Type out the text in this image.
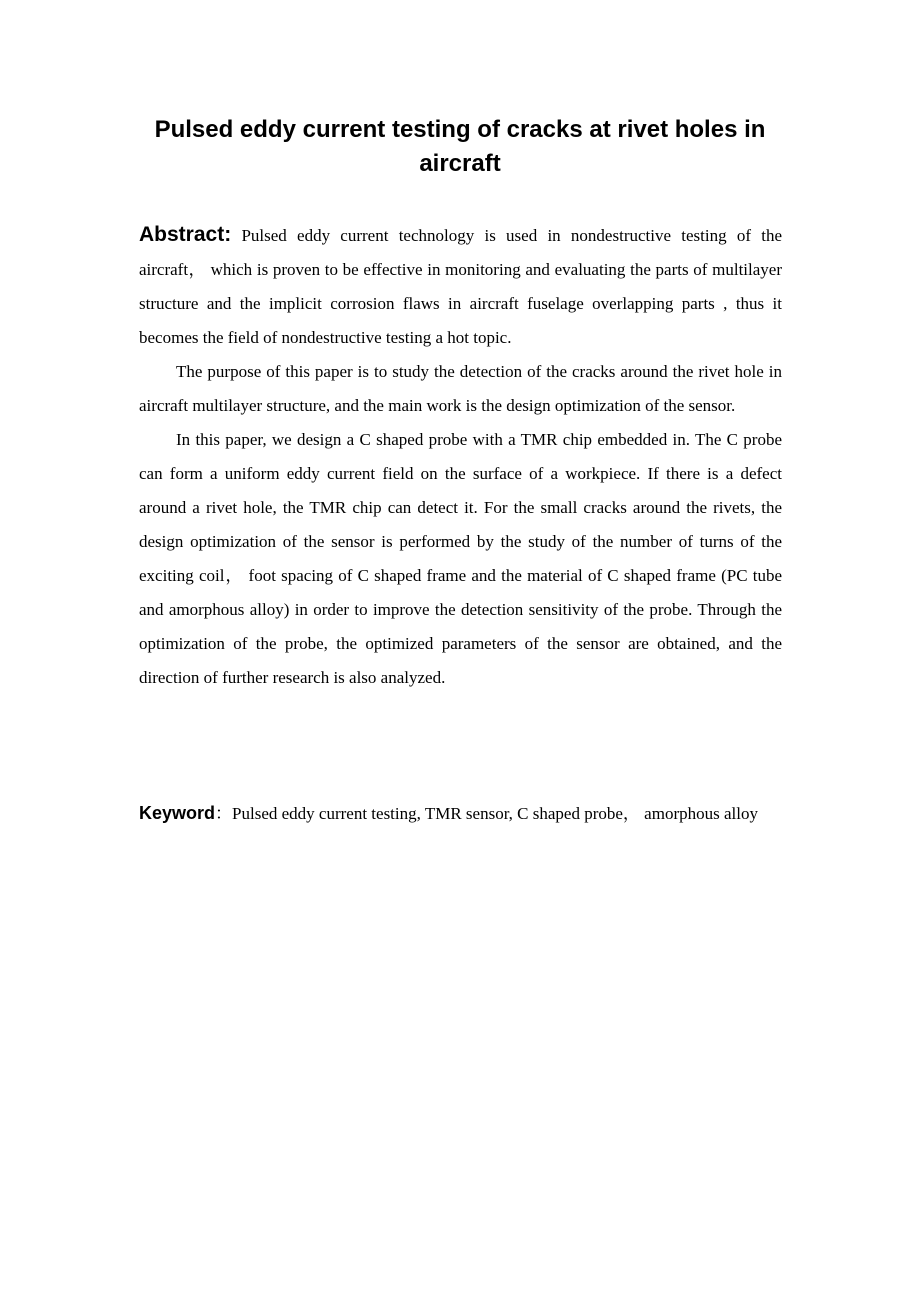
Pulsed eddy current testing of cracks at rivet holes in aircraft

Abstract: Pulsed eddy current technology is used in nondestructive testing of the aircraft， which is proven to be effective in monitoring and evaluating the parts of multilayer structure and the implicit corrosion flaws in aircraft fuselage overlapping parts , thus it becomes the field of nondestructive testing a hot topic.

The purpose of this paper is to study the detection of the cracks around the rivet hole in aircraft multilayer structure, and the main work is the design optimization of the sensor.

In this paper, we design a C shaped probe with a TMR chip embedded in. The C probe can form a uniform eddy current field on the surface of a workpiece. If there is a defect around a rivet hole, the TMR chip can detect it. For the small cracks around the rivets, the design optimization of the sensor is performed by the study of the number of turns of the exciting coil， foot spacing of C shaped frame and the material of C shaped frame (PC tube and amorphous alloy) in order to improve the detection sensitivity of the probe. Through the optimization of the probe, the optimized parameters of the sensor are obtained, and the direction of further research is also analyzed.

Keyword：Pulsed eddy current testing, TMR sensor, C shaped probe， amorphous alloy
